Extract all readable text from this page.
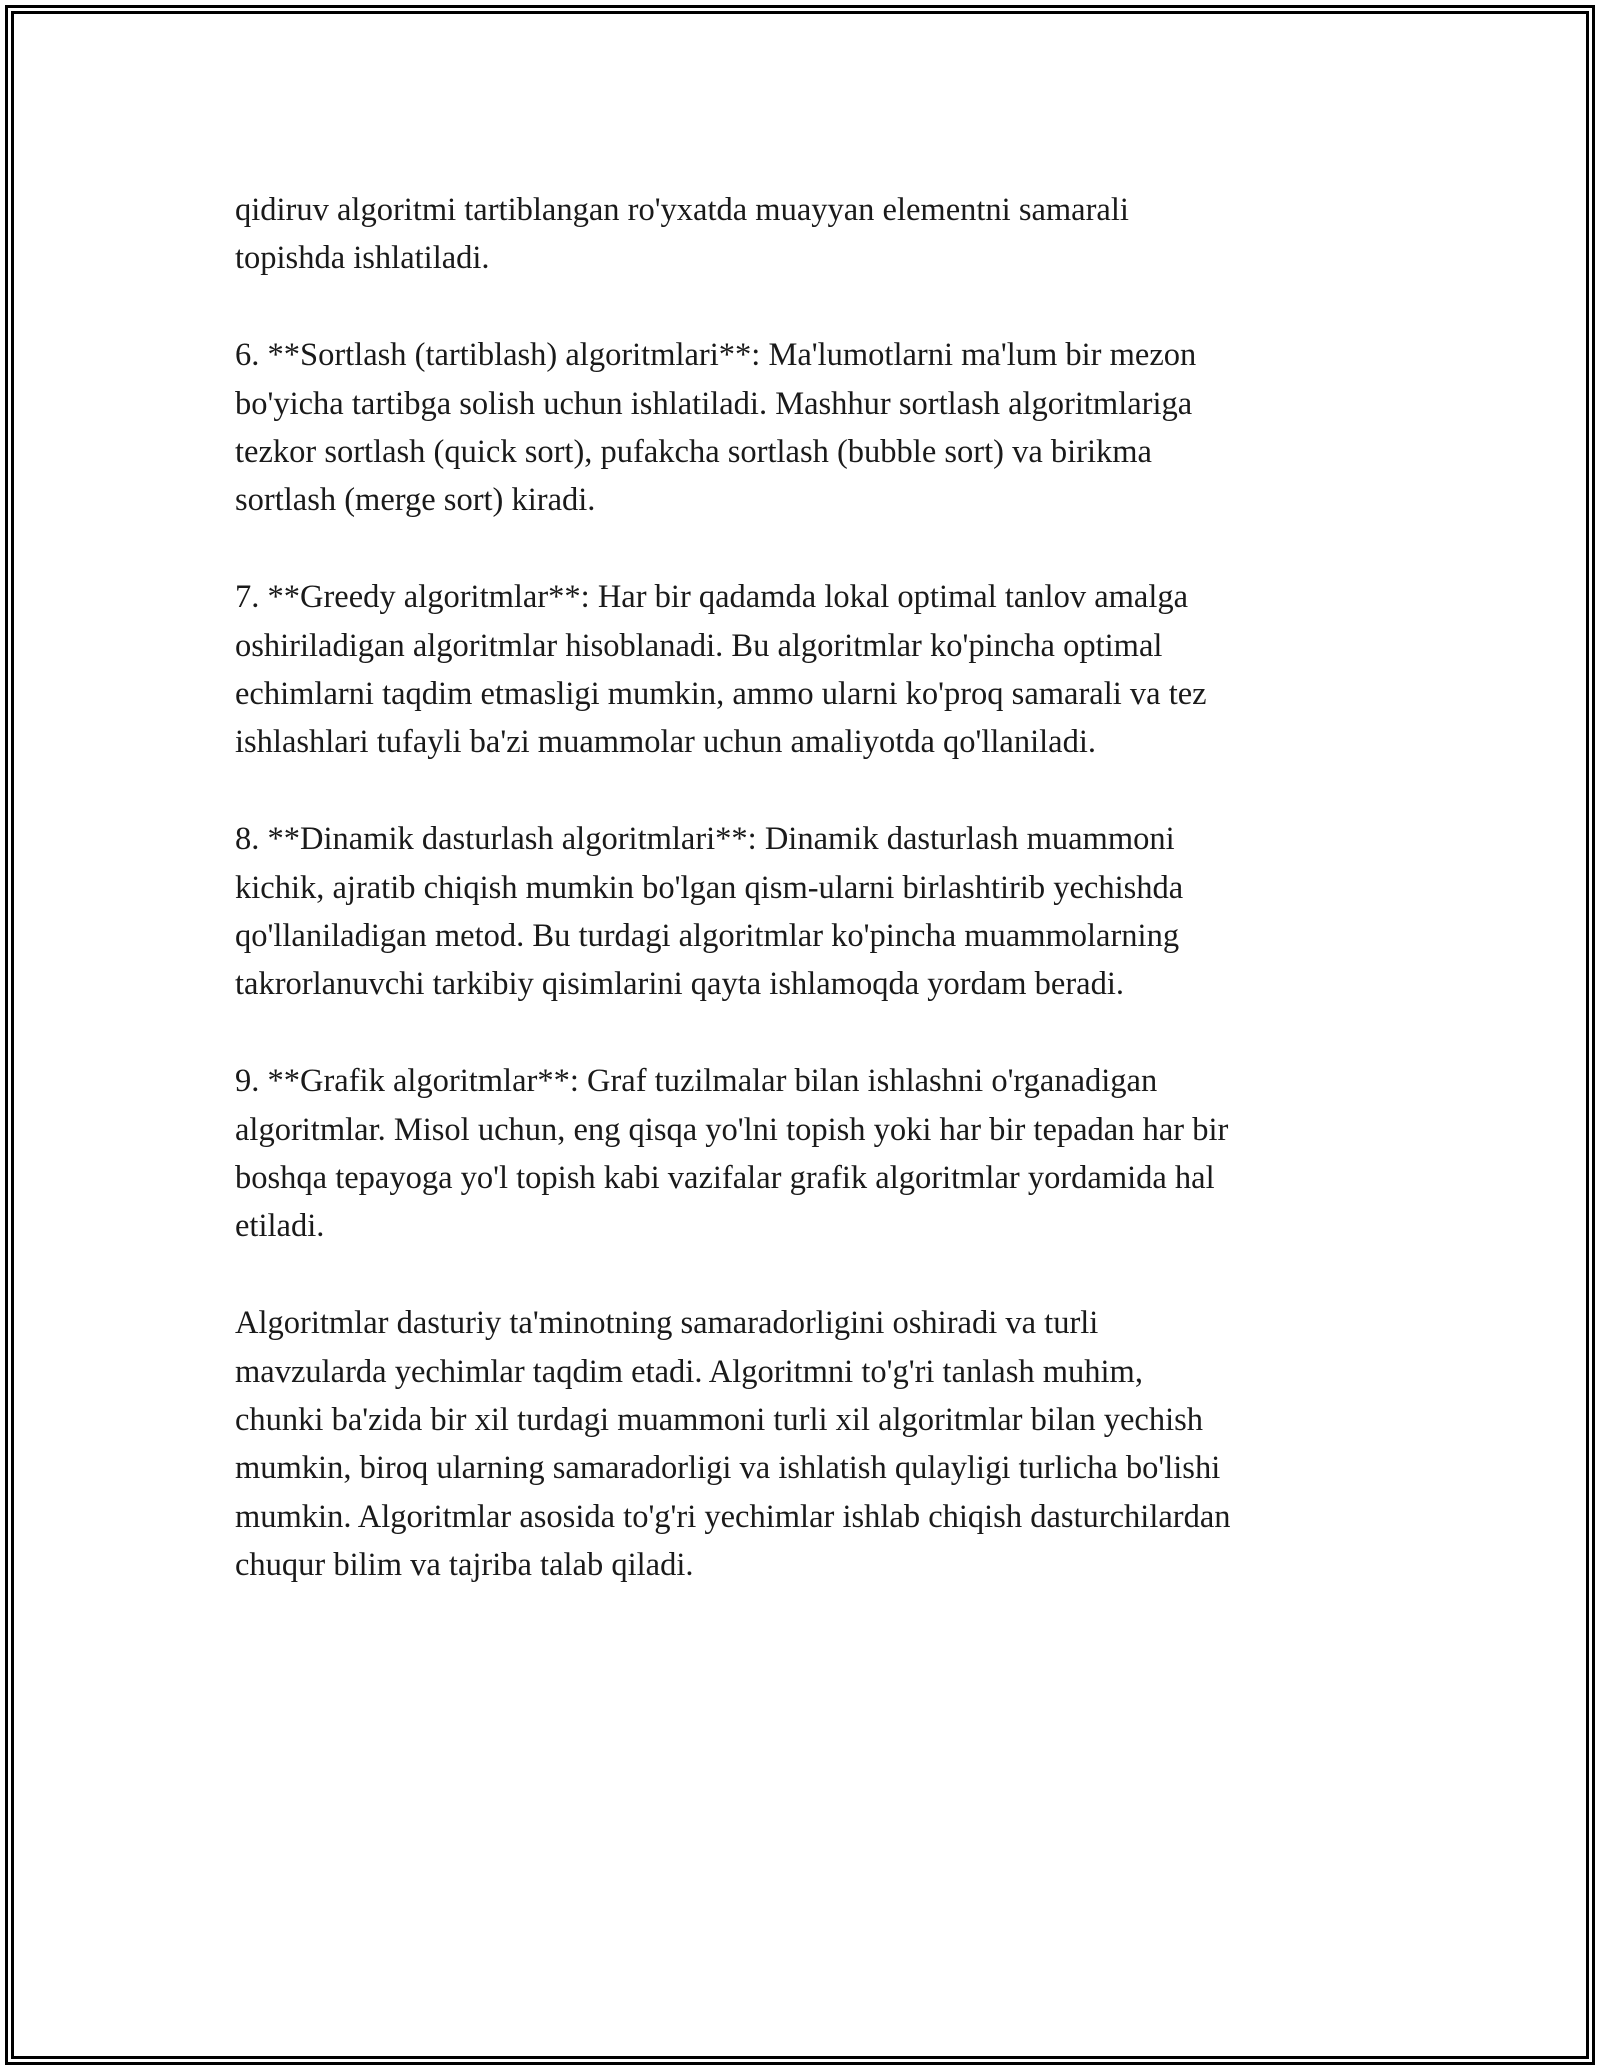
qidiruv algoritmi tartiblangan ro'yxatda muayyan elementni samarali
topishda ishlatiladi.

6. **Sortlash (tartiblash) algoritmlari**: Ma'lumotlarni ma'lum bir mezon
bo'yicha tartibga solish uchun ishlatiladi. Mashhur sortlash algoritmlariga
tezkor sortlash (quick sort), pufakcha sortlash (bubble sort) va birikma
sortlash (merge sort) kiradi.

7. **Greedy algoritmlar**: Har bir qadamda lokal optimal tanlov amalga
oshiriladigan algoritmlar hisoblanadi. Bu algoritmlar ko'pincha optimal
echimlarni taqdim etmasligi mumkin, ammo ularni ko'proq samarali va tez
ishlashlari tufayli ba'zi muammolar uchun amaliyotda qo'llaniladi.

8. **Dinamik dasturlash algoritmlari**: Dinamik dasturlash muammoni
kichik, ajratib chiqish mumkin bo'lgan qism-ularni birlashtirib yechishda
qo'llaniladigan metod. Bu turdagi algoritmlar ko'pincha muammolarning
takrorlanuvchi tarkibiy qisimlarini qayta ishlamoqda yordam beradi.

9. **Grafik algoritmlar**: Graf tuzilmalar bilan ishlashni o'rganadigan
algoritmlar. Misol uchun, eng qisqa yo'lni topish yoki har bir tepadan har bir
boshqa tepayoga yo'l topish kabi vazifalar grafik algoritmlar yordamida hal
etiladi.

Algoritmlar dasturiy ta'minotning samaradorligini oshiradi va turli
mavzularda yechimlar taqdim etadi. Algoritmni to'g'ri tanlash muhim,
chunki ba'zida bir xil turdagi muammoni turli xil algoritmlar bilan yechish
mumkin, biroq ularning samaradorligi va ishlatish qulayligi turlicha bo'lishi
mumkin. Algoritmlar asosida to'g'ri yechimlar ishlab chiqish dasturchilardan
chuqur bilim va tajriba talab qiladi.
